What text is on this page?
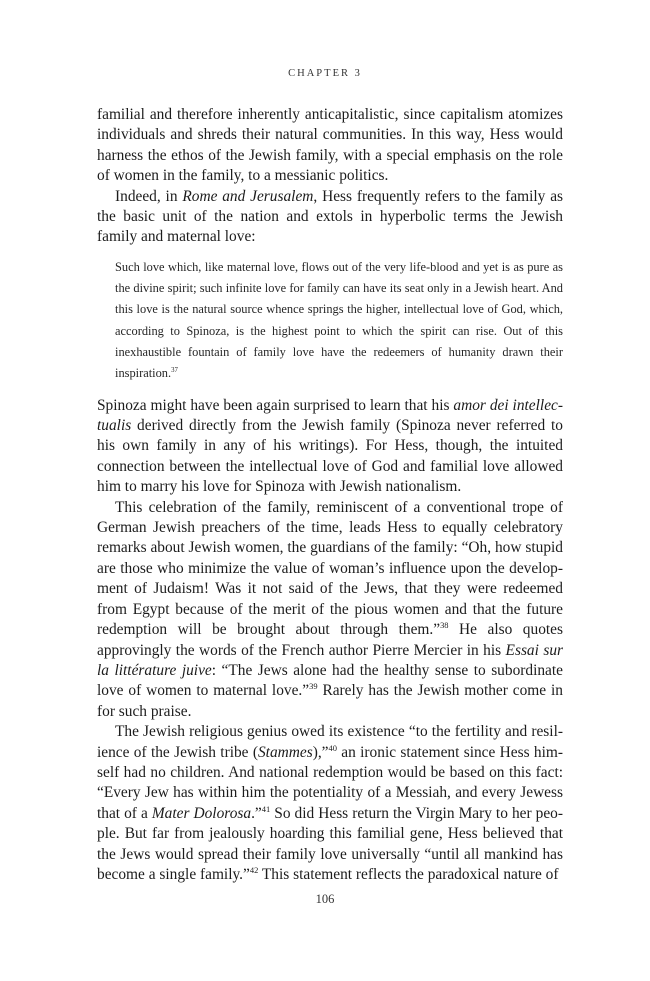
CHAPTER 3

familial and therefore inherently anticapitalistic, since capitalism atomizes individuals and shreds their natural communities. In this way, Hess would harness the ethos of the Jewish family, with a special emphasis on the role of women in the family, to a messianic politics.

Indeed, in Rome and Jerusalem, Hess frequently refers to the family as the basic unit of the nation and extols in hyperbolic terms the Jewish family and maternal love:

Such love which, like maternal love, flows out of the very life-blood and yet is as pure as the divine spirit; such infinite love for family can have its seat only in a Jewish heart. And this love is the natural source whence springs the higher, intellectual love of God, which, according to Spinoza, is the highest point to which the spirit can rise. Out of this inexhaustible fountain of family love have the redeemers of humanity drawn their inspiration.$^{37}$

Spinoza might have been again surprised to learn that his amor dei intellectualis derived directly from the Jewish family (Spinoza never referred to his own family in any of his writings). For Hess, though, the intuited connection between the intellectual love of God and familial love allowed him to marry his love for Spinoza with Jewish nationalism.

This celebration of the family, reminiscent of a conventional trope of German Jewish preachers of the time, leads Hess to equally celebratory remarks about Jewish women, the guardians of the family: “Oh, how stupid are those who minimize the value of woman’s influence upon the development of Judaism! Was it not said of the Jews, that they were redeemed from Egypt because of the merit of the pious women and that the future redemption will be brought about through them.”$^{38}$ He also quotes approvingly the words of the French author Pierre Mercier in his Essai sur la littérature juive: “The Jews alone had the healthy sense to subordinate love of women to maternal love.”$^{39}$ Rarely has the Jewish mother come in for such praise.

The Jewish religious genius owed its existence “to the fertility and resilience of the Jewish tribe (Stammes),”$^{40}$ an ironic statement since Hess himself had no children. And national redemption would be based on this fact: “Every Jew has within him the potentiality of a Messiah, and every Jewess that of a Mater Dolorosa.”$^{41}$ So did Hess return the Virgin Mary to her people. But far from jealously hoarding this familial gene, Hess believed that the Jews would spread their family love universally “until all mankind has become a single family.”$^{42}$ This statement reflects the paradoxical nature of

106
